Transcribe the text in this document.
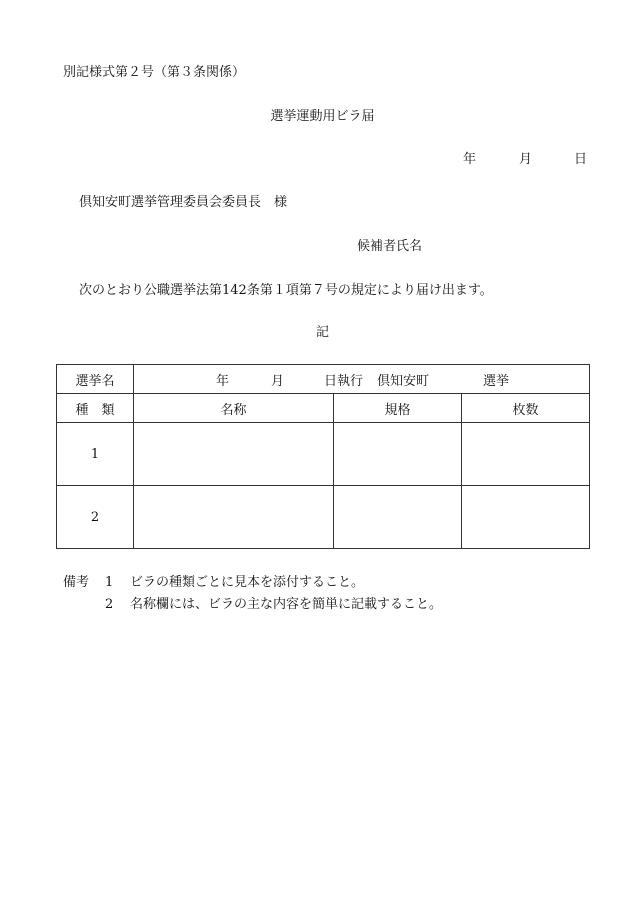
別記様式第２号（第３条関係）
選挙運動用ビラ届
年	月	日
倶知安町選挙管理委員会委員長　様
候補者氏名
次のとおり公職選挙法第142条第１項第７号の規定により届け出ます。
記
選挙名	年 月 日執行 倶知安町 選挙		
種　類	名称	規格	枚数
1			
2			
備考 1 ビラの種類ごとに見本を添付すること。
2 名称欄には、ビラの主な内容を簡単に記載すること。
